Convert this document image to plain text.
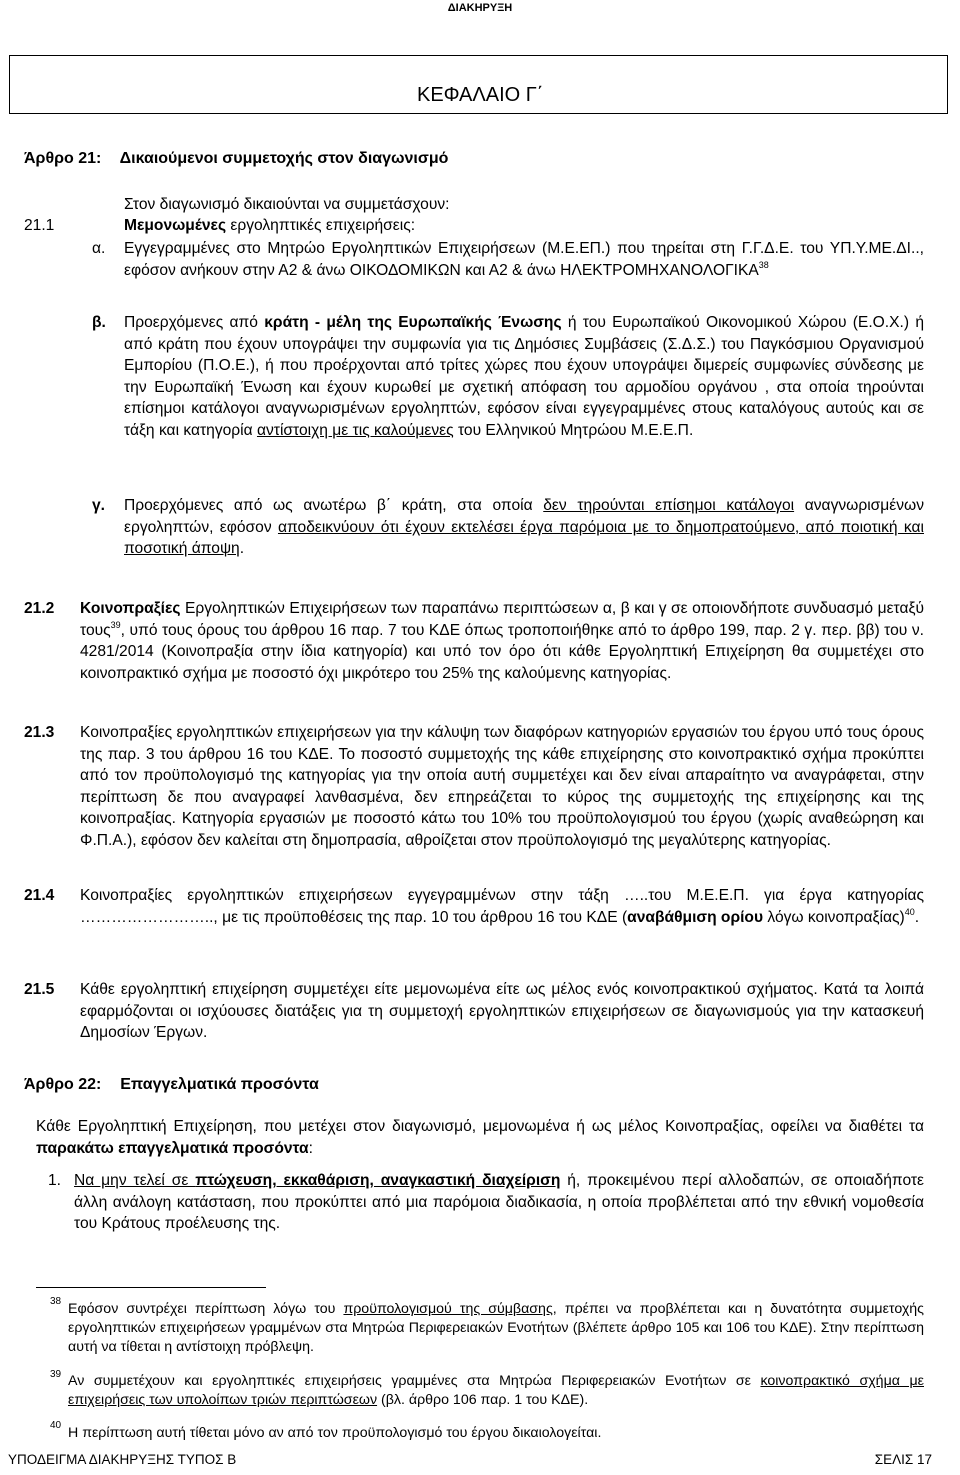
ΔΙΑΚΗΡΥΞΗ
ΚΕΦΑΛΑΙΟ Γ΄
Άρθρο 21: Δικαιούμενοι συμμετοχής στον διαγωνισμό

Στον διαγωνισμό δικαιούνται να συμμετάσχουν:

21.1	Μεμονωμένες εργοληπτικές επιχειρήσεις:

α. Εγγεγραμμένες στο Μητρώο Εργοληπτικών Επιχειρήσεων (Μ.Ε.ΕΠ.) που τηρείται στη Γ.Γ.Δ.Ε. του ΥΠ.Υ.ΜΕ.ΔΙ.., εφόσον ανήκουν στην Α2 & άνω ΟΙΚΟΔΟΜΙΚΩΝ και Α2 & άνω ΗΛΕΚΤΡΟΜΗΧΑΝΟΛΟΓΙΚΑ$^{38}$

β. Προερχόμενες από κράτη - μέλη της Ευρωπαϊκής Ένωσης ή του Ευρωπαϊκού Οικονομικού Χώρου (Ε.Ο.Χ.) ή από κράτη που έχουν υπογράψει την συμφωνία για τις Δημόσιες Συμβάσεις (Σ.Δ.Σ.) του Παγκόσμιου Οργανισμού Εμπορίου (Π.Ο.Ε.), ή που προέρχονται από τρίτες χώρες που έχουν υπογράψει διμερείς συμφωνίες σύνδεσης με την Ευρωπαϊκή Ένωση και έχουν κυρωθεί με σχετική απόφαση του αρμοδίου οργάνου , στα οποία τηρούνται επίσημοι κατάλογοι αναγνωρισμένων εργοληπτών, εφόσον είναι εγγεγραμμένες στους καταλόγους αυτούς και σε τάξη και κατηγορία αντίστοιχη με τις καλούμενες του Ελληνικού Μητρώου Μ.Ε.Ε.Π.

γ. Προερχόμενες από ως ανωτέρω β΄ κράτη, στα οποία δεν τηρούνται επίσημοι κατάλογοι αναγνωρισμένων εργοληπτών, εφόσον αποδεικνύουν ότι έχουν εκτελέσει έργα παρόμοια με το δημοπρατούμενο, από ποιοτική και ποσοτική άποψη.

21.2 Κοινοπραξίες Εργοληπτικών Επιχειρήσεων των παραπάνω περιπτώσεων α, β και γ σε οποιονδήποτε συνδυασμό μεταξύ τους$^{39}$, υπό τους όρους του άρθρου 16 παρ. 7 του ΚΔΕ όπως τροποποιήθηκε από το άρθρο 199, παρ. 2 γ. περ. ββ) του ν. 4281/2014 (Κοινοπραξία στην ίδια κατηγορία) και υπό τον όρο ότι κάθε Εργοληπτική Επιχείρηση θα συμμετέχει στο κοινοπρακτικό σχήμα με ποσοστό όχι μικρότερο του 25% της καλούμενης κατηγορίας.

21.3 Κοινοπραξίες εργοληπτικών επιχειρήσεων για την κάλυψη των διαφόρων κατηγοριών εργασιών του έργου υπό τους όρους της παρ. 3 του άρθρου 16 του ΚΔΕ. Το ποσοστό συμμετοχής της κάθε επιχείρησης στο κοινοπρακτικό σχήμα προκύπτει από τον προϋπολογισμό της κατηγορίας για την οποία αυτή συμμετέχει και δεν είναι απαραίτητο να αναγράφεται, στην περίπτωση δε που αναγραφεί λανθασμένα, δεν επηρεάζεται το κύρος της συμμετοχής της επιχείρησης και της κοινοπραξίας. Κατηγορία εργασιών με ποσοστό κάτω του 10% του προϋπολογισμού του έργου (χωρίς αναθεώρηση και Φ.Π.Α.), εφόσον δεν καλείται στη δημοπρασία, αθροίζεται στον προϋπολογισμό της μεγαλύτερης κατηγορίας.

21.4 Κοινοπραξίες εργοληπτικών επιχειρήσεων εγγεγραμμένων στην τάξη …..του Μ.Ε.Ε.Π. για έργα κατηγορίας …………………….., με τις προϋποθέσεις της παρ. 10 του άρθρου 16 του ΚΔΕ (αναβάθμιση ορίου λόγω κοινοπραξίας)$^{40}$.

21.5 Κάθε εργοληπτική επιχείρηση συμμετέχει είτε μεμονωμένα είτε ως μέλος ενός κοινοπρακτικού σχήματος. Κατά τα λοιπά εφαρμόζονται οι ισχύουσες διατάξεις για τη συμμετοχή εργοληπτικών επιχειρήσεων σε διαγωνισμούς για την κατασκευή Δημοσίων Έργων.

Άρθρο 22: Επαγγελματικά προσόντα

Κάθε Εργοληπτική Επιχείρηση, που μετέχει στον διαγωνισμό, μεμονωμένα ή ως μέλος Κοινοπραξίας, οφείλει να διαθέτει τα παρακάτω επαγγελματικά προσόντα:

1. Να μην τελεί σε πτώχευση, εκκαθάριση, αναγκαστική διαχείριση ή, προκειμένου περί αλλοδαπών, σε οποιαδήποτε άλλη ανάλογη κατάσταση, που προκύπτει από μια παρόμοια διαδικασία, η οποία προβλέπεται από την εθνική νομοθεσία του Κράτους προέλευσης της.

38 Εφόσον συντρέχει περίπτωση λόγω του προϋπολογισμού της σύμβασης, πρέπει να προβλέπεται και η δυνατότητα συμμετοχής εργοληπτικών επιχειρήσεων γραμμένων στα Μητρώα Περιφερειακών Ενοτήτων (βλέπετε άρθρο 105 και 106 του ΚΔΕ). Στην περίπτωση αυτή να τίθεται η αντίστοιχη πρόβλεψη.

39 Αν συμμετέχουν και εργοληπτικές επιχειρήσεις γραμμένες στα Μητρώα Περιφερειακών Ενοτήτων σε κοινοπρακτικό σχήμα με επιχειρήσεις των υπολοίπων τριών περιπτώσεων (βλ. άρθρο 106 παρ. 1 του ΚΔΕ).

40 Η περίπτωση αυτή τίθεται μόνο αν από τον προϋπολογισμό του έργου δικαιολογείται.

ΥΠΟΔΕΙΓΜΑ ΔΙΑΚΗΡΥΞΗΣ ΤΥΠΟΣ Β	ΣΕΛΙΣ 17
